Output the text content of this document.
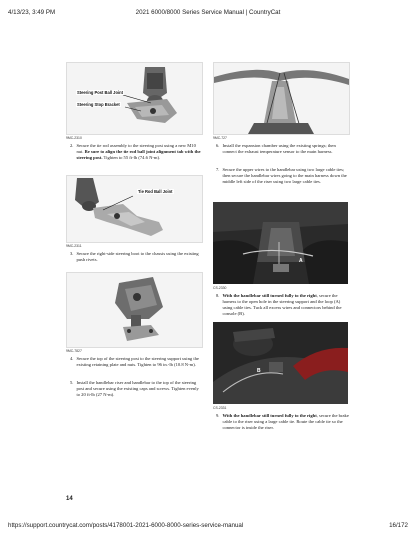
4/13/23, 3:49 PM	2021 6000/8000 Series Service Manual | CountryCat
Steering Post Ball Joint
Steering Stop Bracket
9MC-2310
2. Secure the tie rod assembly to the steering post using a new M10 nut. Be sure to align the tie rod ball joint alignment tab with the steering post. Tighten to 55 ft-lb (74.6 N-m).
Tie Rod Ball Joint
9MC-2311
3. Secure the right-side steering boot to the chassis using the existing push rivets.
9MC-7827
4. Secure the top of the steering post to the steering support using the existing retaining plate and nuts. Tighten to 96 in.-lb (10.8 N-m).
5. Install the handlebar riser and handlebar to the top of the steering post and secure using the existing caps and screws. Tighten evenly to 20 ft-lb (27 N-m).
9MC-727
6. Install the expansion chamber using the existing springs; then connect the exhaust temperature sensor to the main harness.
7. Secure the upper wires to the handlebar using two large cable ties; then secure the handlebar wires going to the main harness down the middle left side of the riser using two large cable ties.
A
CS-2330
8. With the handlebar still turned fully to the right, secure the harness to the open hole in the steering support and the loop (A) using cable ties. Tuck all excess wires and connectors behind the console (B).
B
CS-2331
9. With the handlebar still turned fully to the right, secure the brake cable to the riser using a large cable tie. Route the cable tie so the connector is inside the riser.
14
https://support.countrycat.com/posts/4178001-2021-6000-8000-series-service-manual	16/172
